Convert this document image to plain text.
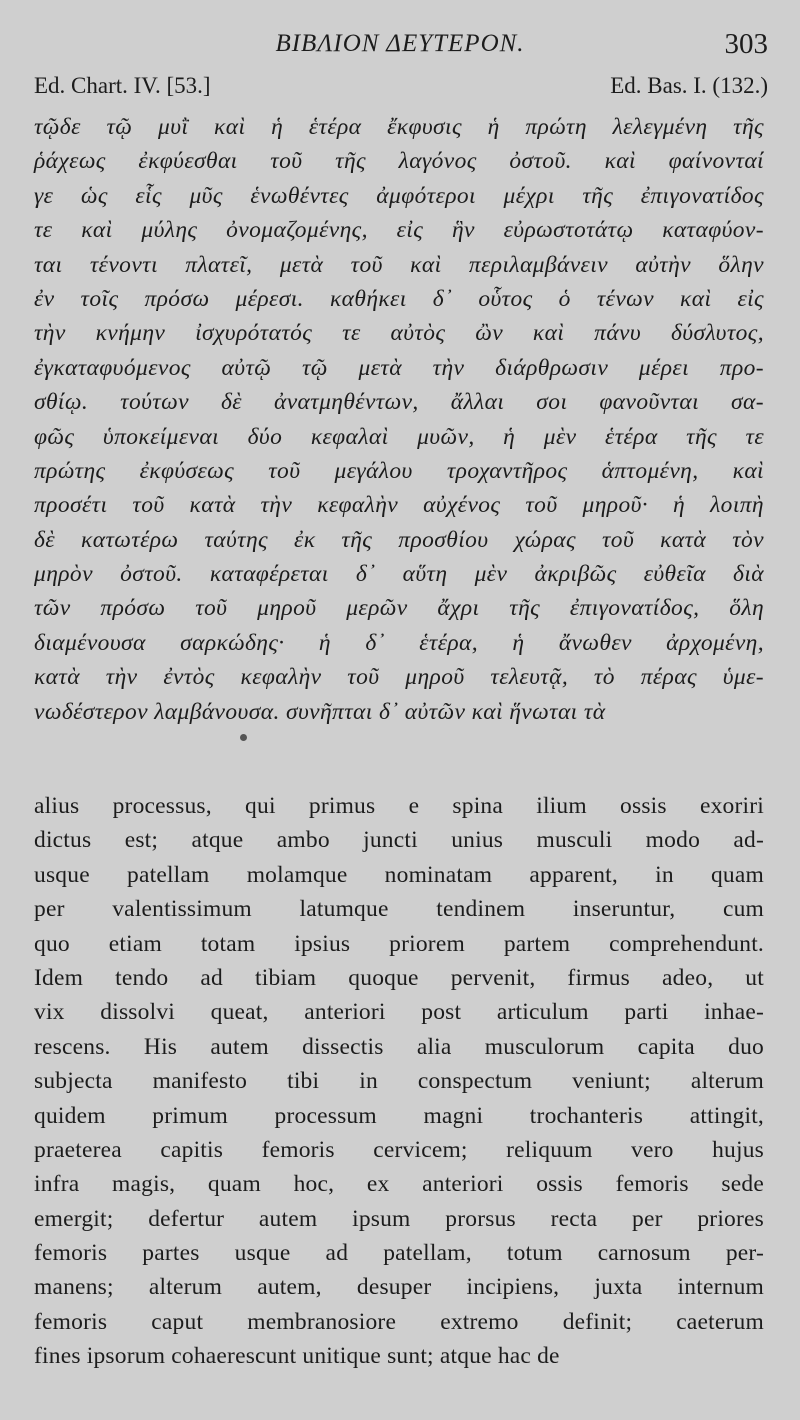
BIBΛΙΟΝ ΔΕΥΤΕΡΟΝ.	303
Ed. Chart. IV. [53.]	Ed. Bas. I. (132.)
τῷδε τῷ μυῒ καὶ ἡ ἑτέρα ἔκφυσις ἡ πρώτη λελεγμένη τῆς
ῥάχεως ἐκφύεσθαι τοῦ τῆς λαγόνος ὀστοῦ. καὶ φαίνονταί
γε ὡς εἷς μῦς ἑνωθέντες ἀμφότεροι μέχρι τῆς ἐπιγονατίδος
τε καὶ μύλης ὀνομαζομένης, εἰς ἣν εὐρωστοτάτῳ καταφύον-
ται τένοντι πλατεῖ, μετὰ τοῦ καὶ περιλαμβάνειν αὐτὴν ὅλην
ἐν τοῖς πρόσω μέρεσι. καθήκει δ᾽ οὗτος ὁ τένων καὶ εἰς
τὴν κνήμην ἰσχυρότατός τε αὐτὸς ὢν καὶ πάνυ δύσλυτος,
ἐγκαταφυόμενος αὐτῷ τῷ μετὰ τὴν διάρθρωσιν μέρει προ-
σθίῳ. τούτων δὲ ἀνατμηθέντων, ἄλλαι σοι φανοῦνται σα-
φῶς ὑποκείμεναι δύο κεφαλαὶ μυῶν, ἡ μὲν ἑτέρα τῆς τε
πρώτης ἐκφύσεως τοῦ μεγάλου τροχαντῆρος ἁπτομένη, καὶ
προσέτι τοῦ κατὰ τὴν κεφαλὴν αὐχένος τοῦ μηροῦ· ἡ λοιπὴ
δὲ κατωτέρω ταύτης ἐκ τῆς προσθίου χώρας τοῦ κατὰ τὸν
μηρὸν ὀστοῦ. καταφέρεται δ᾽ αὕτη μὲν ἀκριβῶς εὐθεῖα διὰ
τῶν πρόσω τοῦ μηροῦ μερῶν ἄχρι τῆς ἐπιγονατίδος, ὅλη
διαμένουσα σαρκώδης· ἡ δ᾽ ἑτέρα, ἡ ἄνωθεν ἀρχομένη,
κατὰ τὴν ἐντὸς κεφαλὴν τοῦ μηροῦ τελευτᾷ, τὸ πέρας ὑμε-
νωδέστερον λαμβάνουσα. συνῆπται δ᾽ αὐτῶν καὶ ἥνωται τὰ
alius processus, qui primus e spina ilium ossis exoriri
dictus est; atque ambo juncti unius musculi modo ad-
usque patellam molamque nominatam apparent, in quam
per valentissimum latumque tendinem inseruntur, cum
quo etiam totam ipsius priorem partem comprehendunt.
Idem tendo ad tibiam quoque pervenit, firmus adeo, ut
vix dissolvi queat, anteriori post articulum parti inhae-
rescens. His autem dissectis alia musculorum capita duo
subjecta manifesto tibi in conspectum veniunt; alterum
quidem primum processum magni trochanteris attingit,
praeterea capitis femoris cervicem; reliquum vero hujus
infra magis, quam hoc, ex anteriori ossis femoris sede
emergit; defertur autem ipsum prorsus recta per priores
femoris partes usque ad patellam, totum carnosum per-
manens; alterum autem, desuper incipiens, juxta internum
femoris caput membranosiore extremo definit; caeterum
fines ipsorum cohaerescunt unitique sunt; atque hac de
